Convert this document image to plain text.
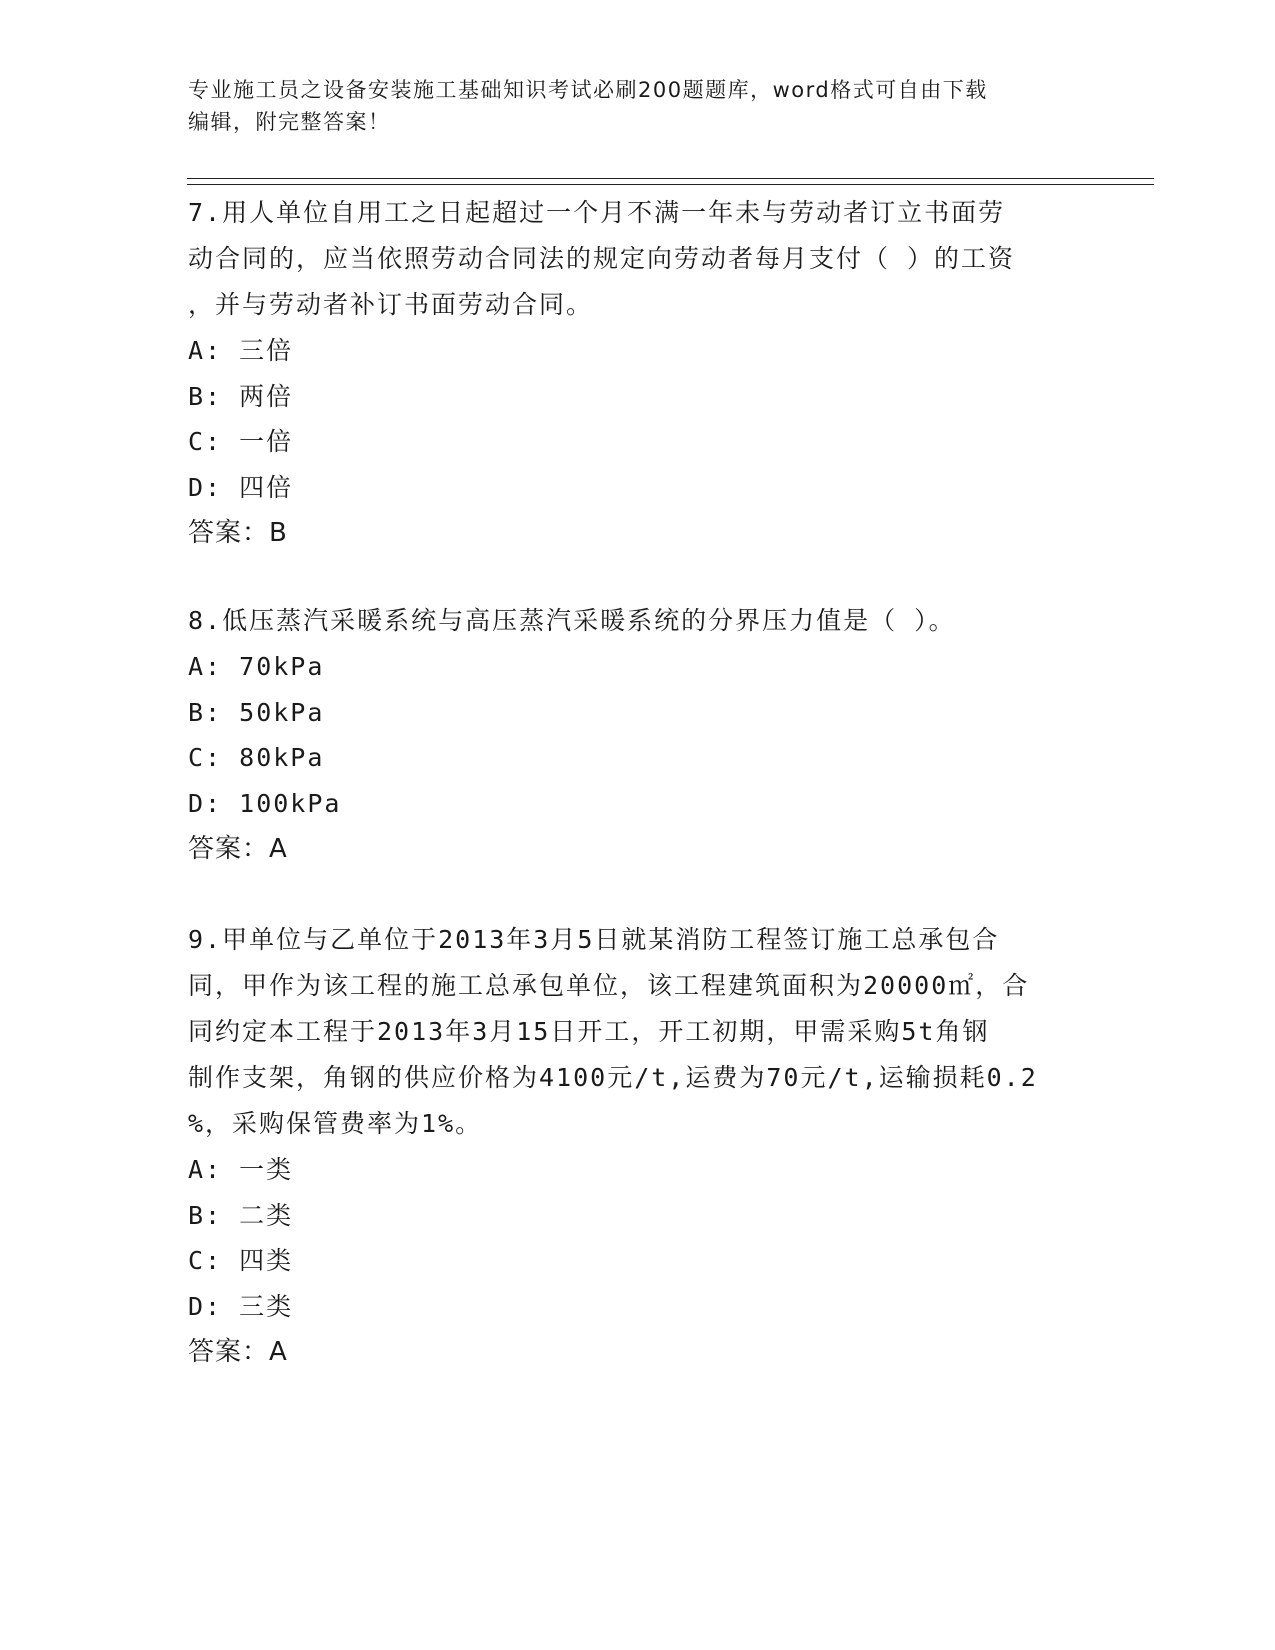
专业施工员之设备安装施工基础知识考试必刷200题题库，word格式可自由下载
编辑，附完整答案！

7.用人单位自用工之日起超过一个月不满一年未与劳动者订立书面劳

动合同的，应当依照劳动合同法的规定向劳动者每月支付（ ）的工资

，并与劳动者补订书面劳动合同。

A: 三倍

B: 两倍

C: 一倍

D: 四倍

答案：B

8.低压蒸汽采暖系统与高压蒸汽采暖系统的分界压力值是（ ）。

A: 70kPa

B: 50kPa

C: 80kPa

D: 100kPa

答案：A

9.甲单位与乙单位于2013年3月5日就某消防工程签订施工总承包合

同，甲作为该工程的施工总承包单位，该工程建筑面积为20000㎡，合

同约定本工程于2013年3月15日开工，开工初期，甲需采购5t角钢

制作支架，角钢的供应价格为4100元/t,运费为70元/t,运输损耗0.2

%，采购保管费率为1%。

A: 一类

B: 二类

C: 四类

D: 三类

答案：A
